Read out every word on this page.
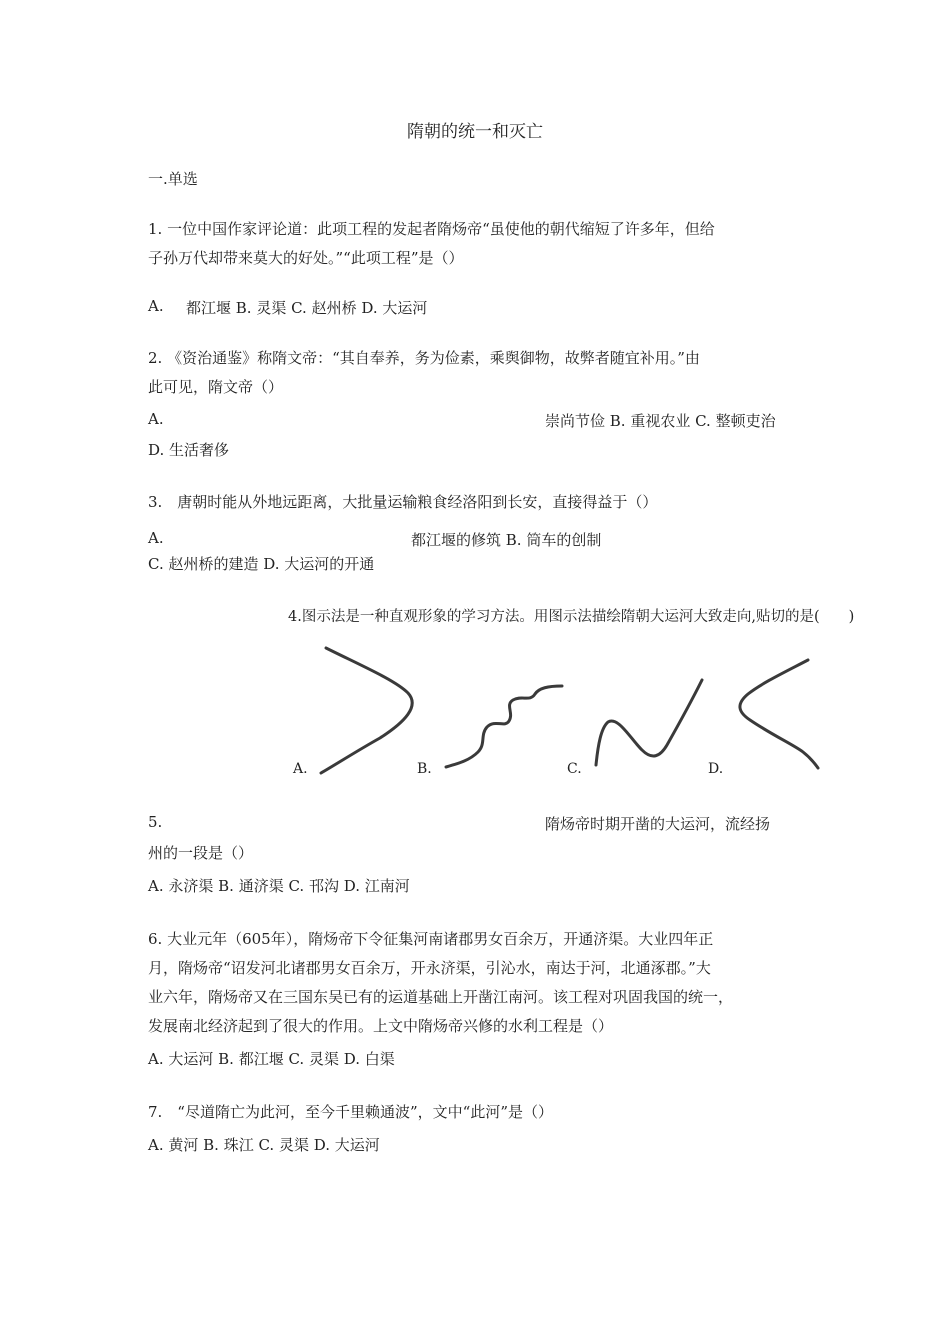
隋朝的统一和灭亡
一.单选
1. 一位中国作家评论道：此项工程的发起者隋炀帝“虽使他的朝代缩短了许多年，但给
子孙万代却带来莫大的好处。”“此项工程”是（）
A. 都江堰 B. 灵渠 C. 赵州桥 D. 大运河
2. 《资治通鉴》称隋文帝：“其自奉养，务为俭素，乘舆御物，故弊者随宜补用。”由
此可见，隋文帝（）
A.	崇尚节俭 B. 重视农业 C. 整顿吏治
D. 生活奢侈
3.　唐朝时能从外地远距离，大批量运输粮食经洛阳到长安，直接得益于（）
A.	都江堰的修筑 B. 筒车的创制
C. 赵州桥的建造 D. 大运河的开通
4.图示法是一种直观形象的学习方法。用图示法描绘隋朝大运河大致走向,贴切的是(　　)
A.	B.	C.	D.
5.	隋炀帝时期开凿的大运河，流经扬
州的一段是（）
A. 永济渠 B. 通济渠 C. 邗沟 D. 江南河
6. 大业元年（605年），隋炀帝下令征集河南诸郡男女百余万，开通济渠。大业四年正
月，隋炀帝“诏发河北诸郡男女百余万，开永济渠，引沁水，南达于河，北通涿郡。”大
业六年，隋炀帝又在三国东吴已有的运道基础上开凿江南河。该工程对巩固我国的统一，
发展南北经济起到了很大的作用。上文中隋炀帝兴修的水利工程是（）
A. 大运河 B. 都江堰 C. 灵渠 D. 白渠
7.　“尽道隋亡为此河，至今千里赖通波”，文中“此河”是（）
A. 黄河 B. 珠江 C. 灵渠 D. 大运河
